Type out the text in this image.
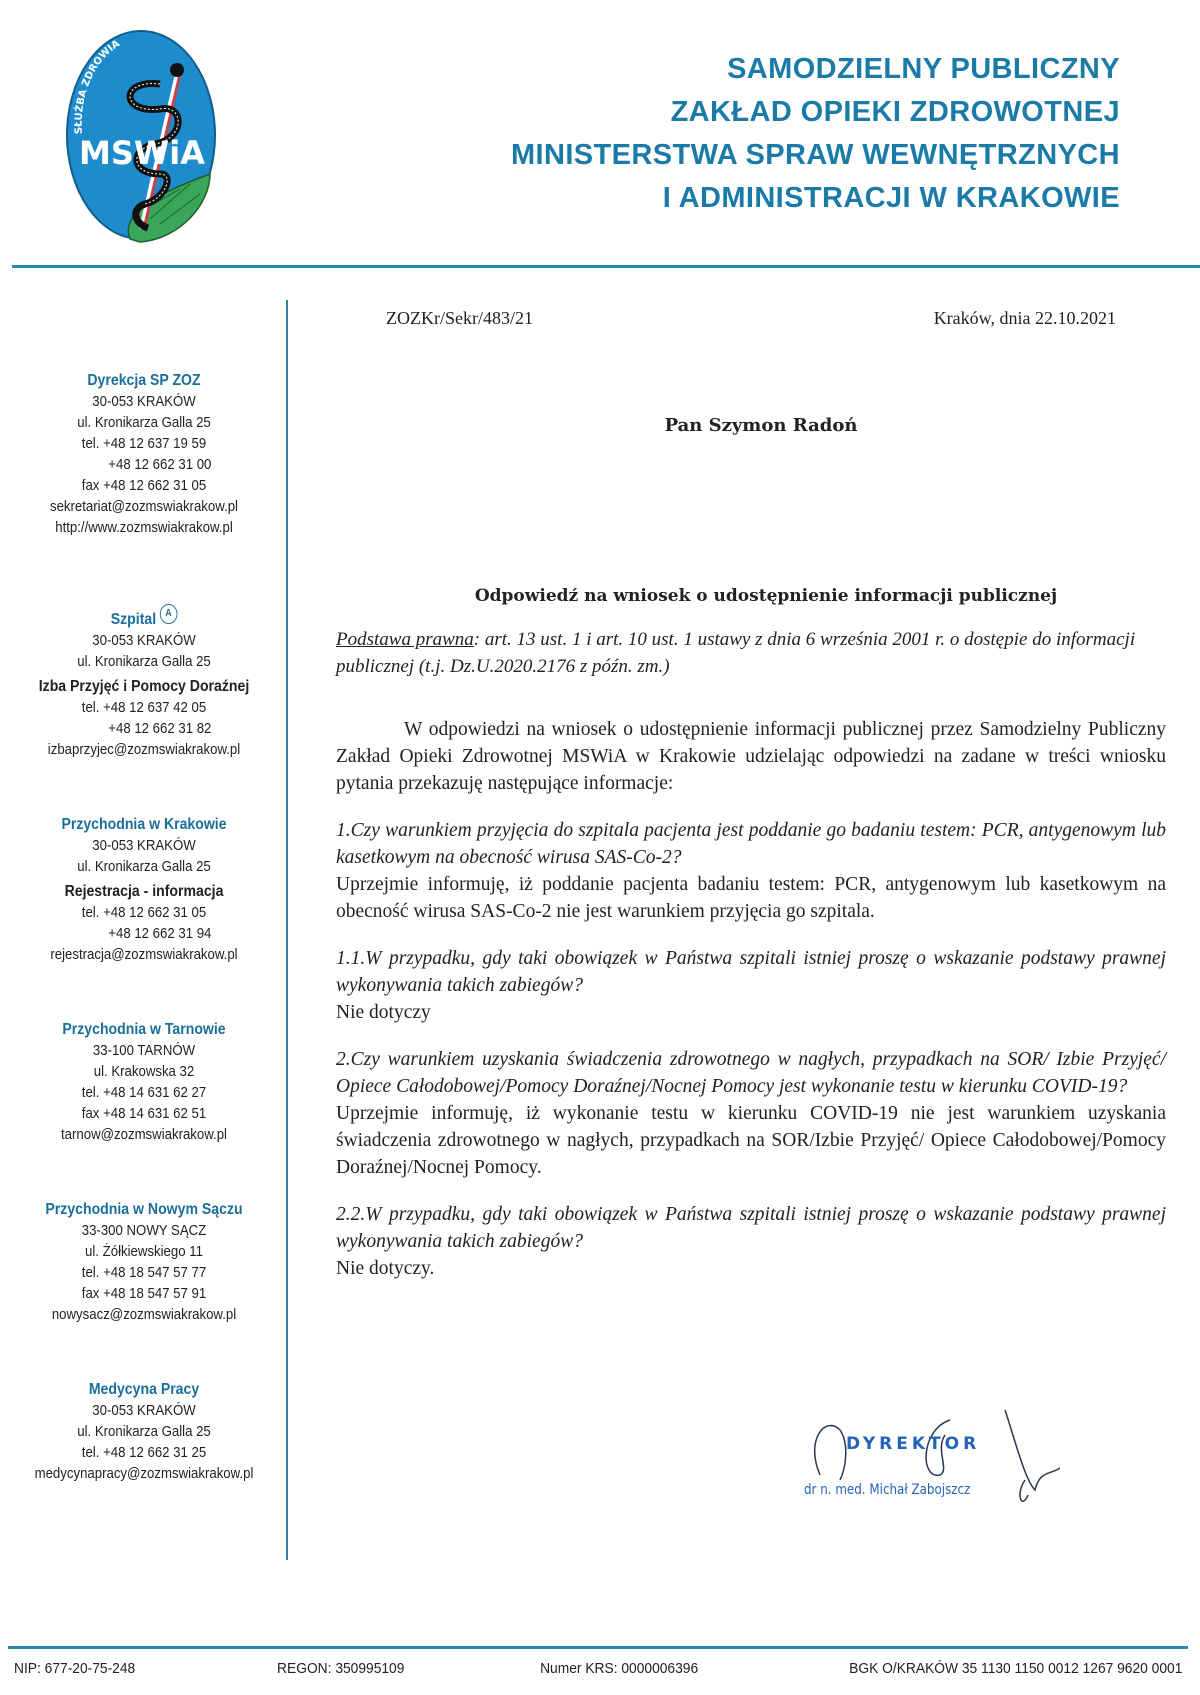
MSWiA
SŁUŻBA ZDROWIA
SAMODZIELNY PUBLICZNY
ZAKŁAD OPIEKI ZDROWOTNEJ
MINISTERSTWA SPRAW WEWNĘTRZNYCH
I ADMINISTRACJI W KRAKOWIE
Dyrekcja SP ZOZ
30-053 KRAKÓW
ul. Kronikarza Galla 25
tel. +48 12 637 19 59
+48 12 662 31 00
fax +48 12 662 31 05
sekretariat@zozmswiakrakow.pl
http://www.zozmswiakrakow.pl
Szpital A
30-053 KRAKÓW
ul. Kronikarza Galla 25
Izba Przyjęć i Pomocy Doraźnej
tel. +48 12 637 42 05
+48 12 662 31 82
izbaprzyjec@zozmswiakrakow.pl
Przychodnia w Krakowie
30-053 KRAKÓW
ul. Kronikarza Galla 25
Rejestracja - informacja
tel. +48 12 662 31 05
+48 12 662 31 94
rejestracja@zozmswiakrakow.pl
Przychodnia w Tarnowie
33-100 TARNÓW
ul. Krakowska 32
tel. +48 14 631 62 27
fax +48 14 631 62 51
tarnow@zozmswiakrakow.pl
Przychodnia w Nowym Sączu
33-300 NOWY SĄCZ
ul. Żółkiewskiego 11
tel. +48 18 547 57 77
fax +48 18 547 57 91
nowysacz@zozmswiakrakow.pl
Medycyna Pracy
30-053 KRAKÓW
ul. Kronikarza Galla 25
tel. +48 12 662 31 25
medycynapracy@zozmswiakrakow.pl
ZOZKr/Sekr/483/21	Kraków, dnia 22.10.2021
Pan Szymon Radoń
Odpowiedź na wniosek o udostępnienie informacji publicznej
Podstawa prawna: art. 13 ust. 1 i art. 10 ust. 1 ustawy z dnia 6 września 2001 r. o dostępie do informacji publicznej (t.j. Dz.U.2020.2176 z późn. zm.)
W odpowiedzi na wniosek o udostępnienie informacji publicznej przez Samodzielny Publiczny Zakład Opieki Zdrowotnej MSWiA w Krakowie udzielając odpowiedzi na zadane w treści wniosku pytania przekazuję następujące informacje:
1.Czy warunkiem przyjęcia do szpitala pacjenta jest poddanie go badaniu testem: PCR, antygenowym lub kasetkowym na obecność wirusa SAS-Co-2?
Uprzejmie informuję, iż poddanie pacjenta badaniu testem: PCR, antygenowym lub kasetkowym na obecność wirusa SAS-Co-2 nie jest warunkiem przyjęcia go szpitala.
1.1.W przypadku, gdy taki obowiązek w Państwa szpitali istniej proszę o wskazanie podstawy prawnej wykonywania takich zabiegów?
Nie dotyczy
2.Czy warunkiem uzyskania świadczenia zdrowotnego w nagłych, przypadkach na SOR/ Izbie Przyjęć/ Opiece Całodobowej/Pomocy Doraźnej/Nocnej Pomocy jest wykonanie testu w kierunku COVID-19?
Uprzejmie informuję, iż wykonanie testu w kierunku COVID-19 nie jest warunkiem uzyskania świadczenia zdrowotnego w nagłych, przypadkach na SOR/Izbie Przyjęć/ Opiece Całodobowej/Pomocy Doraźnej/Nocnej Pomocy.
2.2.W przypadku, gdy taki obowiązek w Państwa szpitali istniej proszę o wskazanie podstawy prawnej wykonywania takich zabiegów?
Nie dotyczy.
DYREKTOR
dr n. med. Michał Zabojszcz
NIP: 677-20-75-248	REGON: 350995109	Numer KRS: 0000006396	BGK O/KRAKÓW 35 1130 1150 0012 1267 9620 0001
